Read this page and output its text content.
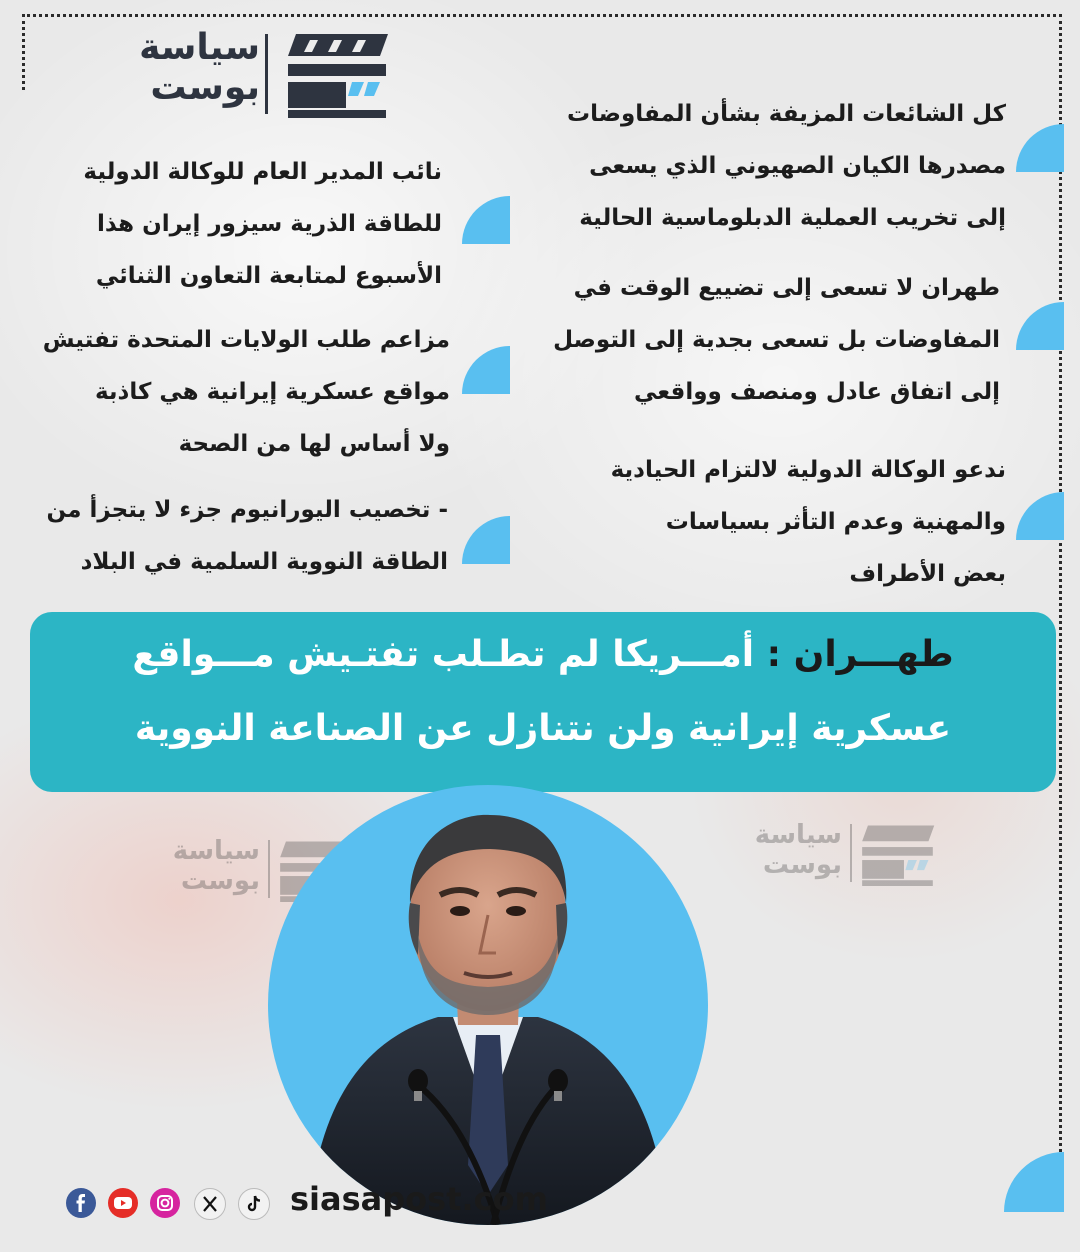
سياسة
بوست
كل الشائعات المزيفة بشأن المفاوضات
مصدرها الكيان الصهيوني الذي يسعى
إلى تخريب العملية الدبلوماسية الحالية
طهران لا تسعى إلى تضييع الوقت في
المفاوضات بل تسعى بجدية إلى التوصل
إلى اتفاق عادل ومنصف وواقعي
ندعو الوكالة الدولية لالتزام الحيادية
والمهنية وعدم التأثر بسياسات
بعض الأطراف
نائب المدير العام للوكالة الدولية
للطاقة الذرية سيزور إيران هذا
الأسبوع لمتابعة التعاون الثنائي
مزاعم طلب الولايات المتحدة تفتيش
مواقع عسكرية إيرانية هي كاذبة
ولا أساس لها من الصحة
- تخصيب اليورانيوم جزء لا يتجزأ من
الطاقة النووية السلمية في البلاد
طهـــران : أمـــريكا لم تطـلب تفتـيش مـــواقع
عسكرية إيرانية ولن نتنازل عن الصناعة النووية
سياسة
بوست
سياسة
بوست
siasapost.com
